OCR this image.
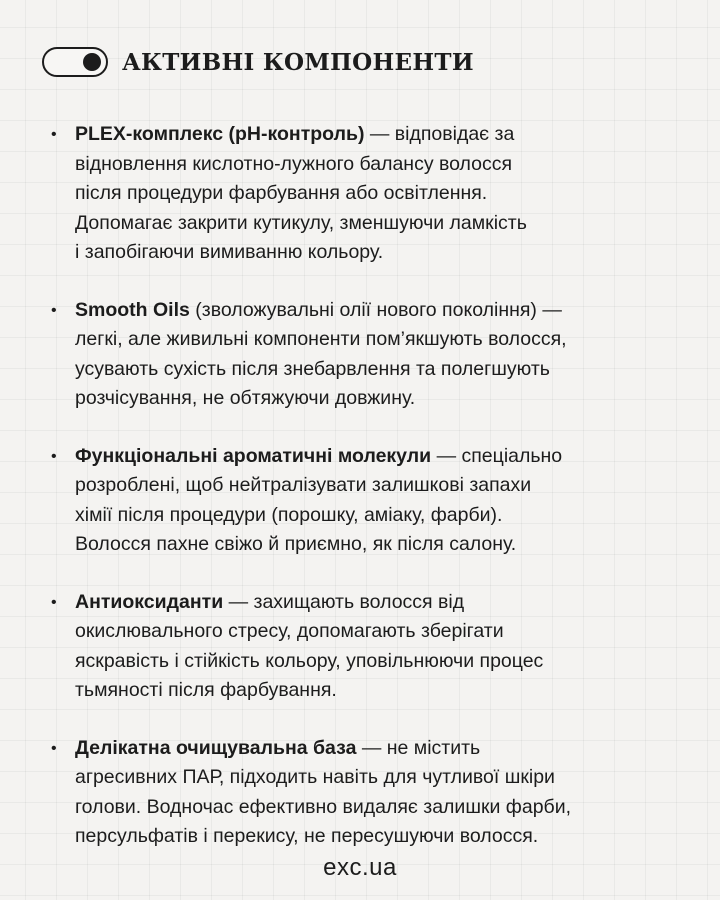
АКТИВНІ КОМПОНЕНТИ
• PLEX-комплекс (pH-контроль) — відповідає за
відновлення кислотно-лужного балансу волосся
після процедури фарбування або освітлення.
Допомагає закрити кутикулу, зменшуючи ламкість
і запобігаючи вимиванню кольору.
• Smooth Oils (зволожувальні олії нового покоління) —
легкі, але живильні компоненти пом’якшують волосся,
усувають сухість після знебарвлення та полегшують
розчісування, не обтяжуючи довжину.
• Функціональні ароматичні молекули — спеціально
розроблені, щоб нейтралізувати залишкові запахи
хімії після процедури (порошку, аміаку, фарби).
Волосся пахне свіжо й приємно, як після салону.
• Антиоксиданти — захищають волосся від
окислювального стресу, допомагають зберігати
яскравість і стійкість кольору, уповільнюючи процес
тьмяності після фарбування.
• Делікатна очищувальна база — не містить
агресивних ПАР, підходить навіть для чутливої шкіри
голови. Водночас ефективно видаляє залишки фарби,
персульфатів і перекису, не пересушуючи волосся.
exc.ua
